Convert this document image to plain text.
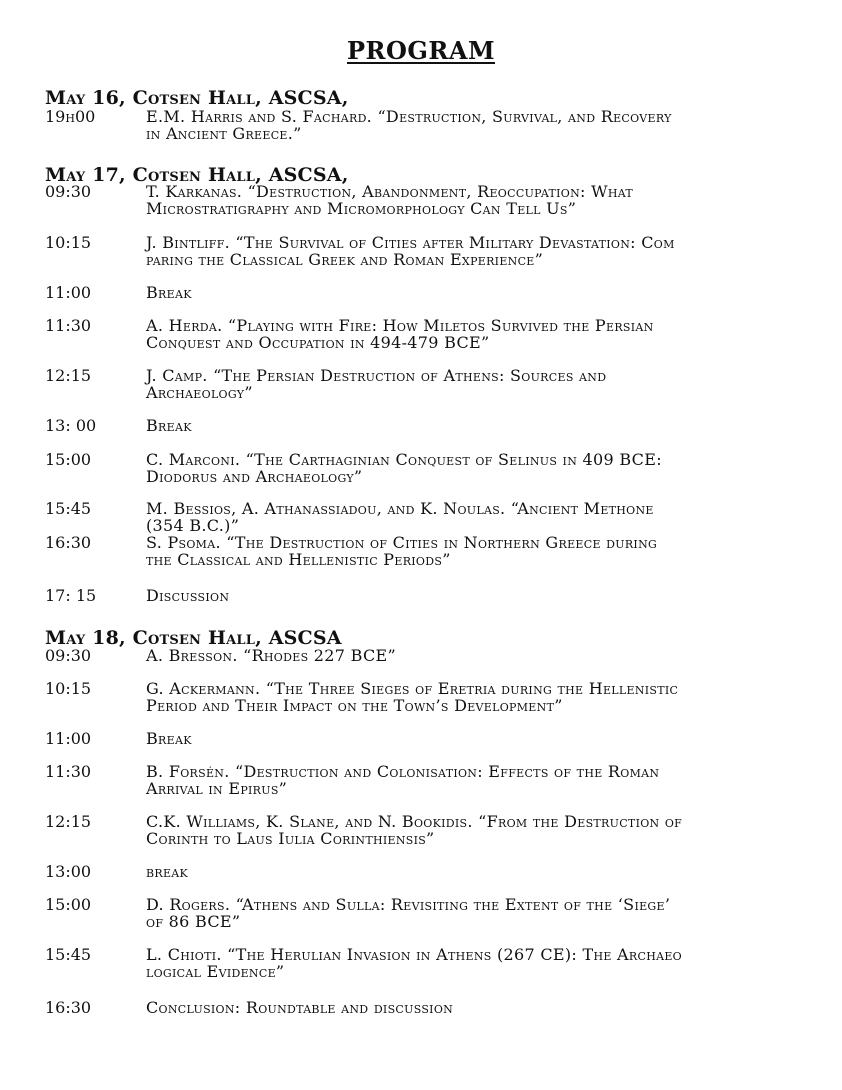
PROGRAM
May 16, Cotsen Hall, ASCSA,
19h00	E.M. Harris and S. Fachard. “Destruction, Survival, and Recovery
in Ancient Greece.”
May 17, Cotsen Hall, ASCSA,
09:30	T. Karkanas. “Destruction, Abandonment, Reoccupation: What
Microstratigraphy and Micromorphology Can Tell Us”
10:15	J. Bintliff. “The Survival of Cities after Military Devastation: Com
paring the Classical Greek and Roman Experience”
11:00	Break
11:30	A. Herda. “Playing with Fire: How Miletos Survived the Persian
Conquest and Occupation in 494-479 BCE”
12:15	J. Camp. “The Persian Destruction of Athens: Sources and
Archaeology”
13: 00	Break
15:00	C. Marconi. “The Carthaginian Conquest of Selinus in 409 BCE:
Diodorus and Archaeology”
15:45	M. Bessios, A. Athanassiadou, and K. Noulas. “Ancient Methone
(354 B.C.)”
16:30	S. Psoma. “The Destruction of Cities in Northern Greece during
the Classical and Hellenistic Periods”
17: 15	Discussion
May 18, Cotsen Hall, ASCSA
09:30	A. Bresson. “Rhodes 227 BCE”
10:15	G. Ackermann. “The Three Sieges of Eretria during the Hellenistic
Period and Their Impact on the Town’s Development”
11:00	Break
11:30	B. Forsén. “Destruction and Colonisation: Effects of the Roman
Arrival in Epirus”
12:15	C.K. Williams, K. Slane, and N. Bookidis. “From the Destruction of
Corinth to Laus Iulia Corinthiensis”
13:00	break
15:00	D. Rogers. “Athens and Sulla: Revisiting the Extent of the ‘Siege’
of 86 BCE”
15:45	L. Chioti. “The Herulian Invasion in Athens (267 CE): The Archaeo
logical Evidence”
16:30	Conclusion: Roundtable and discussion
